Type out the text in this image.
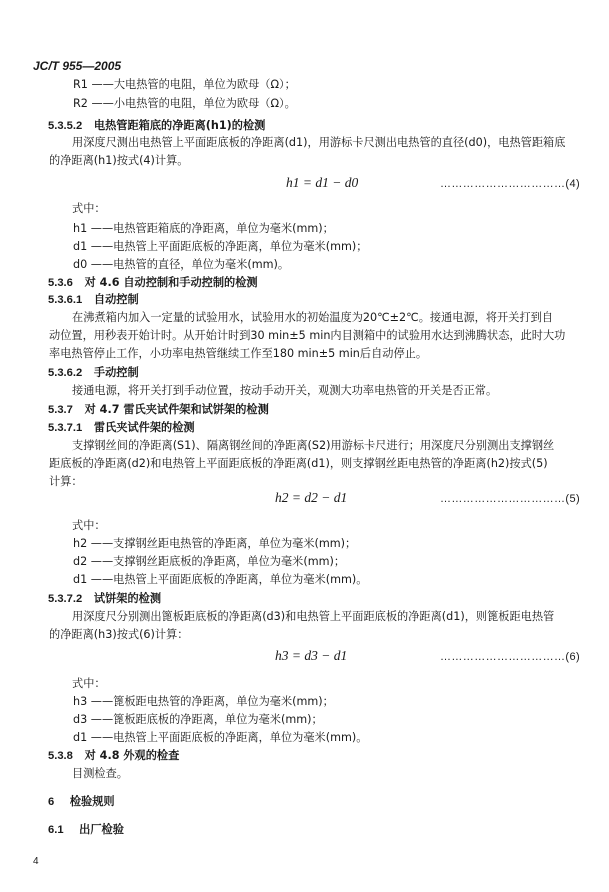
JC/T 955—2005
R1 ——大电热管的电阻，单位为欧母（Ω）；
R2 ——小电热管的电阻，单位为欧母（Ω）。
5.3.5.2 电热管距箱底的净距离(h1)的检测
用深度尺测出电热管上平面距底板的净距离(d1)，用游标卡尺测出电热管的直径(d0)，电热管距箱底
的净距离(h1)按式(4)计算。
h1 = d1 − d0	……………………………(4)
式中：
h1 ——电热管距箱底的净距离，单位为毫米(mm)；
d1 ——电热管上平面距底板的净距离，单位为毫米(mm)；
d0 ——电热管的直径，单位为毫米(mm)。
5.3.6 对 4.6 自动控制和手动控制的检测
5.3.6.1 自动控制
在沸煮箱内加入一定量的试验用水，试验用水的初始温度为20℃±2℃。接通电源，将开关打到自
动位置，用秒表开始计时。从开始计时到30 min±5 min内目测箱中的试验用水达到沸腾状态，此时大功
率电热管停止工作，小功率电热管继续工作至180 min±5 min后自动停止。
5.3.6.2 手动控制
接通电源，将开关打到手动位置，按动手动开关，观测大功率电热管的开关是否正常。
5.3.7 对 4.7 雷氏夹试件架和试饼架的检测
5.3.7.1 雷氏夹试件架的检测
支撑钢丝间的净距离(S1)、隔离钢丝间的净距离(S2)用游标卡尺进行；用深度尺分别测出支撑钢丝
距底板的净距离(d2)和电热管上平面距底板的净距离(d1)，则支撑钢丝距电热管的净距离(h2)按式(5)
计算：
h2 = d2 − d1	……………………………(5)
式中：
h2 ——支撑钢丝距电热管的净距离，单位为毫米(mm)；
d2 ——支撑钢丝距底板的净距离，单位为毫米(mm)；
d1 ——电热管上平面距底板的净距离，单位为毫米(mm)。
5.3.7.2 试饼架的检测
用深度尺分别测出篦板距底板的净距离(d3)和电热管上平面距底板的净距离(d1)，则篦板距电热管
的净距离(h3)按式(6)计算：
h3 = d3 − d1	……………………………(6)
式中：
h3 ——篦板距电热管的净距离，单位为毫米(mm)；
d3 ——篦板距底板的净距离，单位为毫米(mm)；
d1 ——电热管上平面距底板的净距离，单位为毫米(mm)。
5.3.8 对 4.8 外观的检查
目测检查。
6 检验规则
6.1 出厂检验
4
